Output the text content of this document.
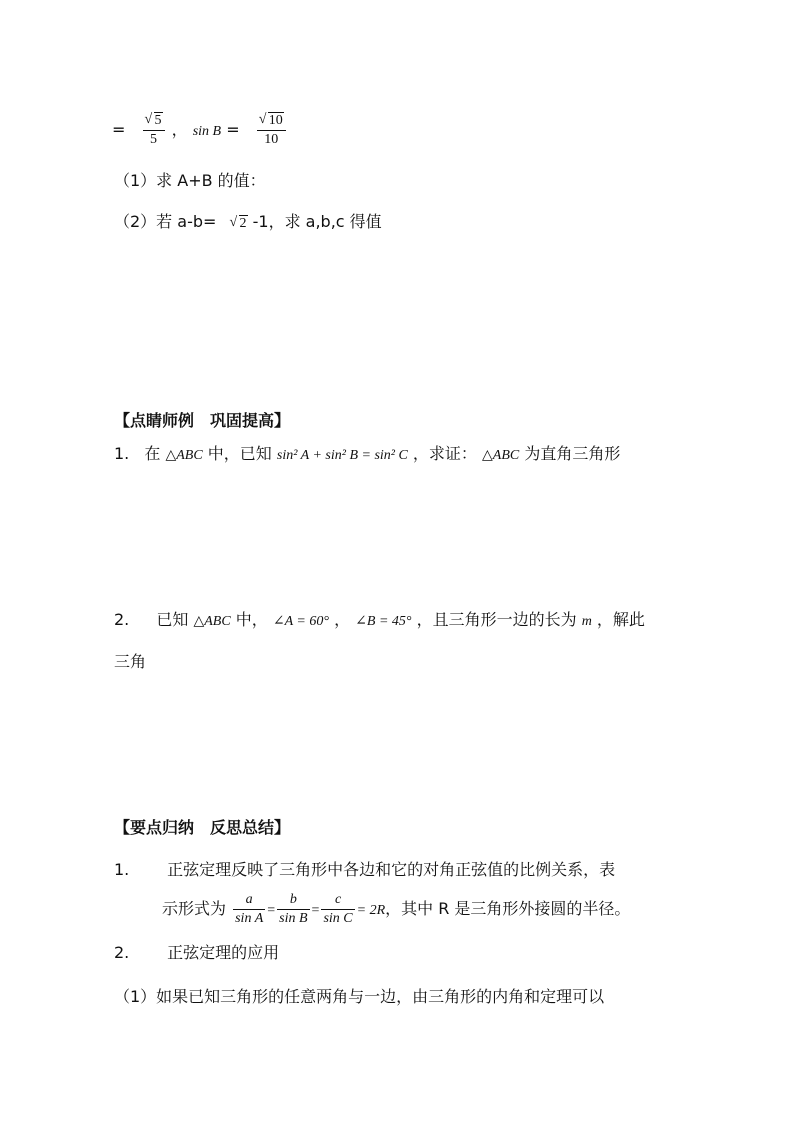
= √ $\frac{5}{5}$ ， sin B = √ $\frac{10}{10}$
（1）求 A+B 的值：
（2）若 a-b= √ 2 -1，求 a,b,c 得值
【点睛师例　巩固提高】
1. 在 △ABC 中，已知 sin² A + sin² B = sin² C ，求证： △ABC 为直角三角形
2. 已知 △ABC 中， ∠A = 60° ， ∠B = 45° ，且三角形一边的长为 m ，解此
三角
【要点归纳　反思总结】
1. 正弦定理反映了三角形中各边和它的对角正弦值的比例关系，表
示形式为 $\frac{a}{\text{sin A}} = \frac{b}{\text{sin B}} = \frac{c}{\text{sin C}} = 2R$，其中 R 是三角形外接圆的半径。
2. 正弦定理的应用
（1）如果已知三角形的任意两角与一边，由三角形的内角和定理可以
